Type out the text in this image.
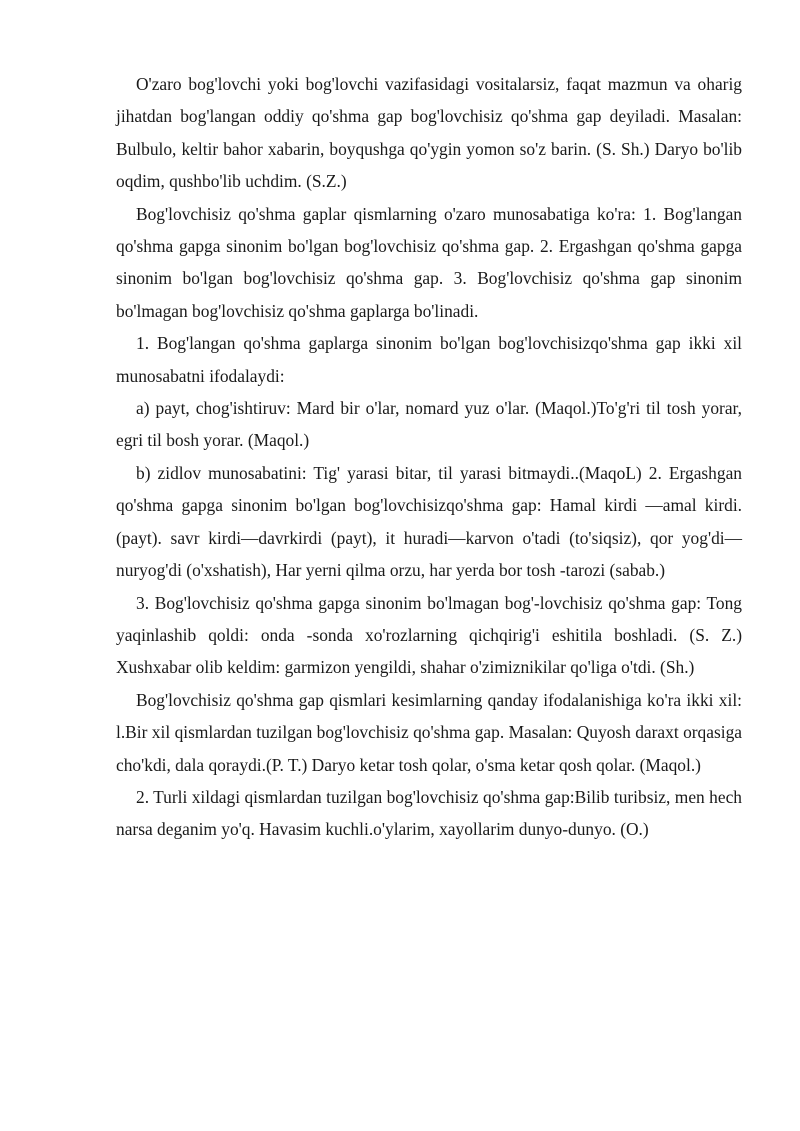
O'zaro bog'lovchi yoki bog'lovchi vazifasidagi vositalarsiz, faqat mazmun va oharig jihatdan bog'langan oddiy qo'shma gap bog'lovchisiz qo'shma gap deyiladi. Masalan: Bulbulo, keltir bahor xabarin, boyqushga qo'ygin yomon so'z barin. (S. Sh.) Daryo bo'lib oqdim, qushbo'lib uchdim. (S.Z.)

Bog'lovchisiz qo'shma gaplar qismlarning o'zaro munosabatiga ko'ra: 1. Bog'langan qo'shma gapga sinonim bo'lgan bog'lovchisiz qo'shma gap. 2. Ergashgan qo'shma gapga sinonim bo'lgan bog'lovchisiz qo'shma gap. 3. Bog'lovchisiz qo'shma gap sinonim bo'lmagan bog'lovchisiz qo'shma gaplarga bo'linadi.

1. Bog'langan qo'shma gaplarga sinonim bo'lgan bog'lovchisizqo'shma gap ikki xil munosabatni ifodalaydi:

a) payt, chog'ishtiruv: Mard bir o'lar, nomard yuz o'lar. (Maqol.)To'g'ri til tosh yorar, egri til bosh yorar. (Maqol.)

b) zidlov munosabatini: Tig' yarasi bitar, til yarasi bitmaydi..(MaqoL) 2. Ergashgan qo'shma gapga sinonim bo'lgan bog'lovchisizqo'shma gap: Hamal kirdi —amal kirdi. (payt). savr kirdi—davrkirdi (payt), it huradi—karvon o'tadi (to'siqsiz), qor yog'di—nuryog'di (o'xshatish), Har yerni qilma orzu, har yerda bor tosh -tarozi (sabab.)

3. Bog'lovchisiz qo'shma gapga sinonim bo'lmagan bog'-lovchisiz qo'shma gap: Tong yaqinlashib qoldi: onda -sonda xo'rozlarning qichqirig'i eshitila boshladi. (S. Z.) Xushxabar olib keldim: garmizon yengildi, shahar o'zimiznikilar qo'liga o'tdi. (Sh.)

Bog'lovchisiz qo'shma gap qismlari kesimlarning qanday ifodalanishiga ko'ra ikki xil: l.Bir xil qismlardan tuzilgan bog'lovchisiz qo'shma gap. Masalan: Quyosh daraxt orqasiga cho'kdi, dala qoraydi.(P. T.) Daryo ketar tosh qolar, o'sma ketar qosh qolar. (Maqol.)

2. Turli xildagi qismlardan tuzilgan bog'lovchisiz qo'shma gap:Bilib turibsiz, men hech narsa deganim yo'q. Havasim kuchli.o'ylarim, xayollarim dunyo-dunyo. (O.)
